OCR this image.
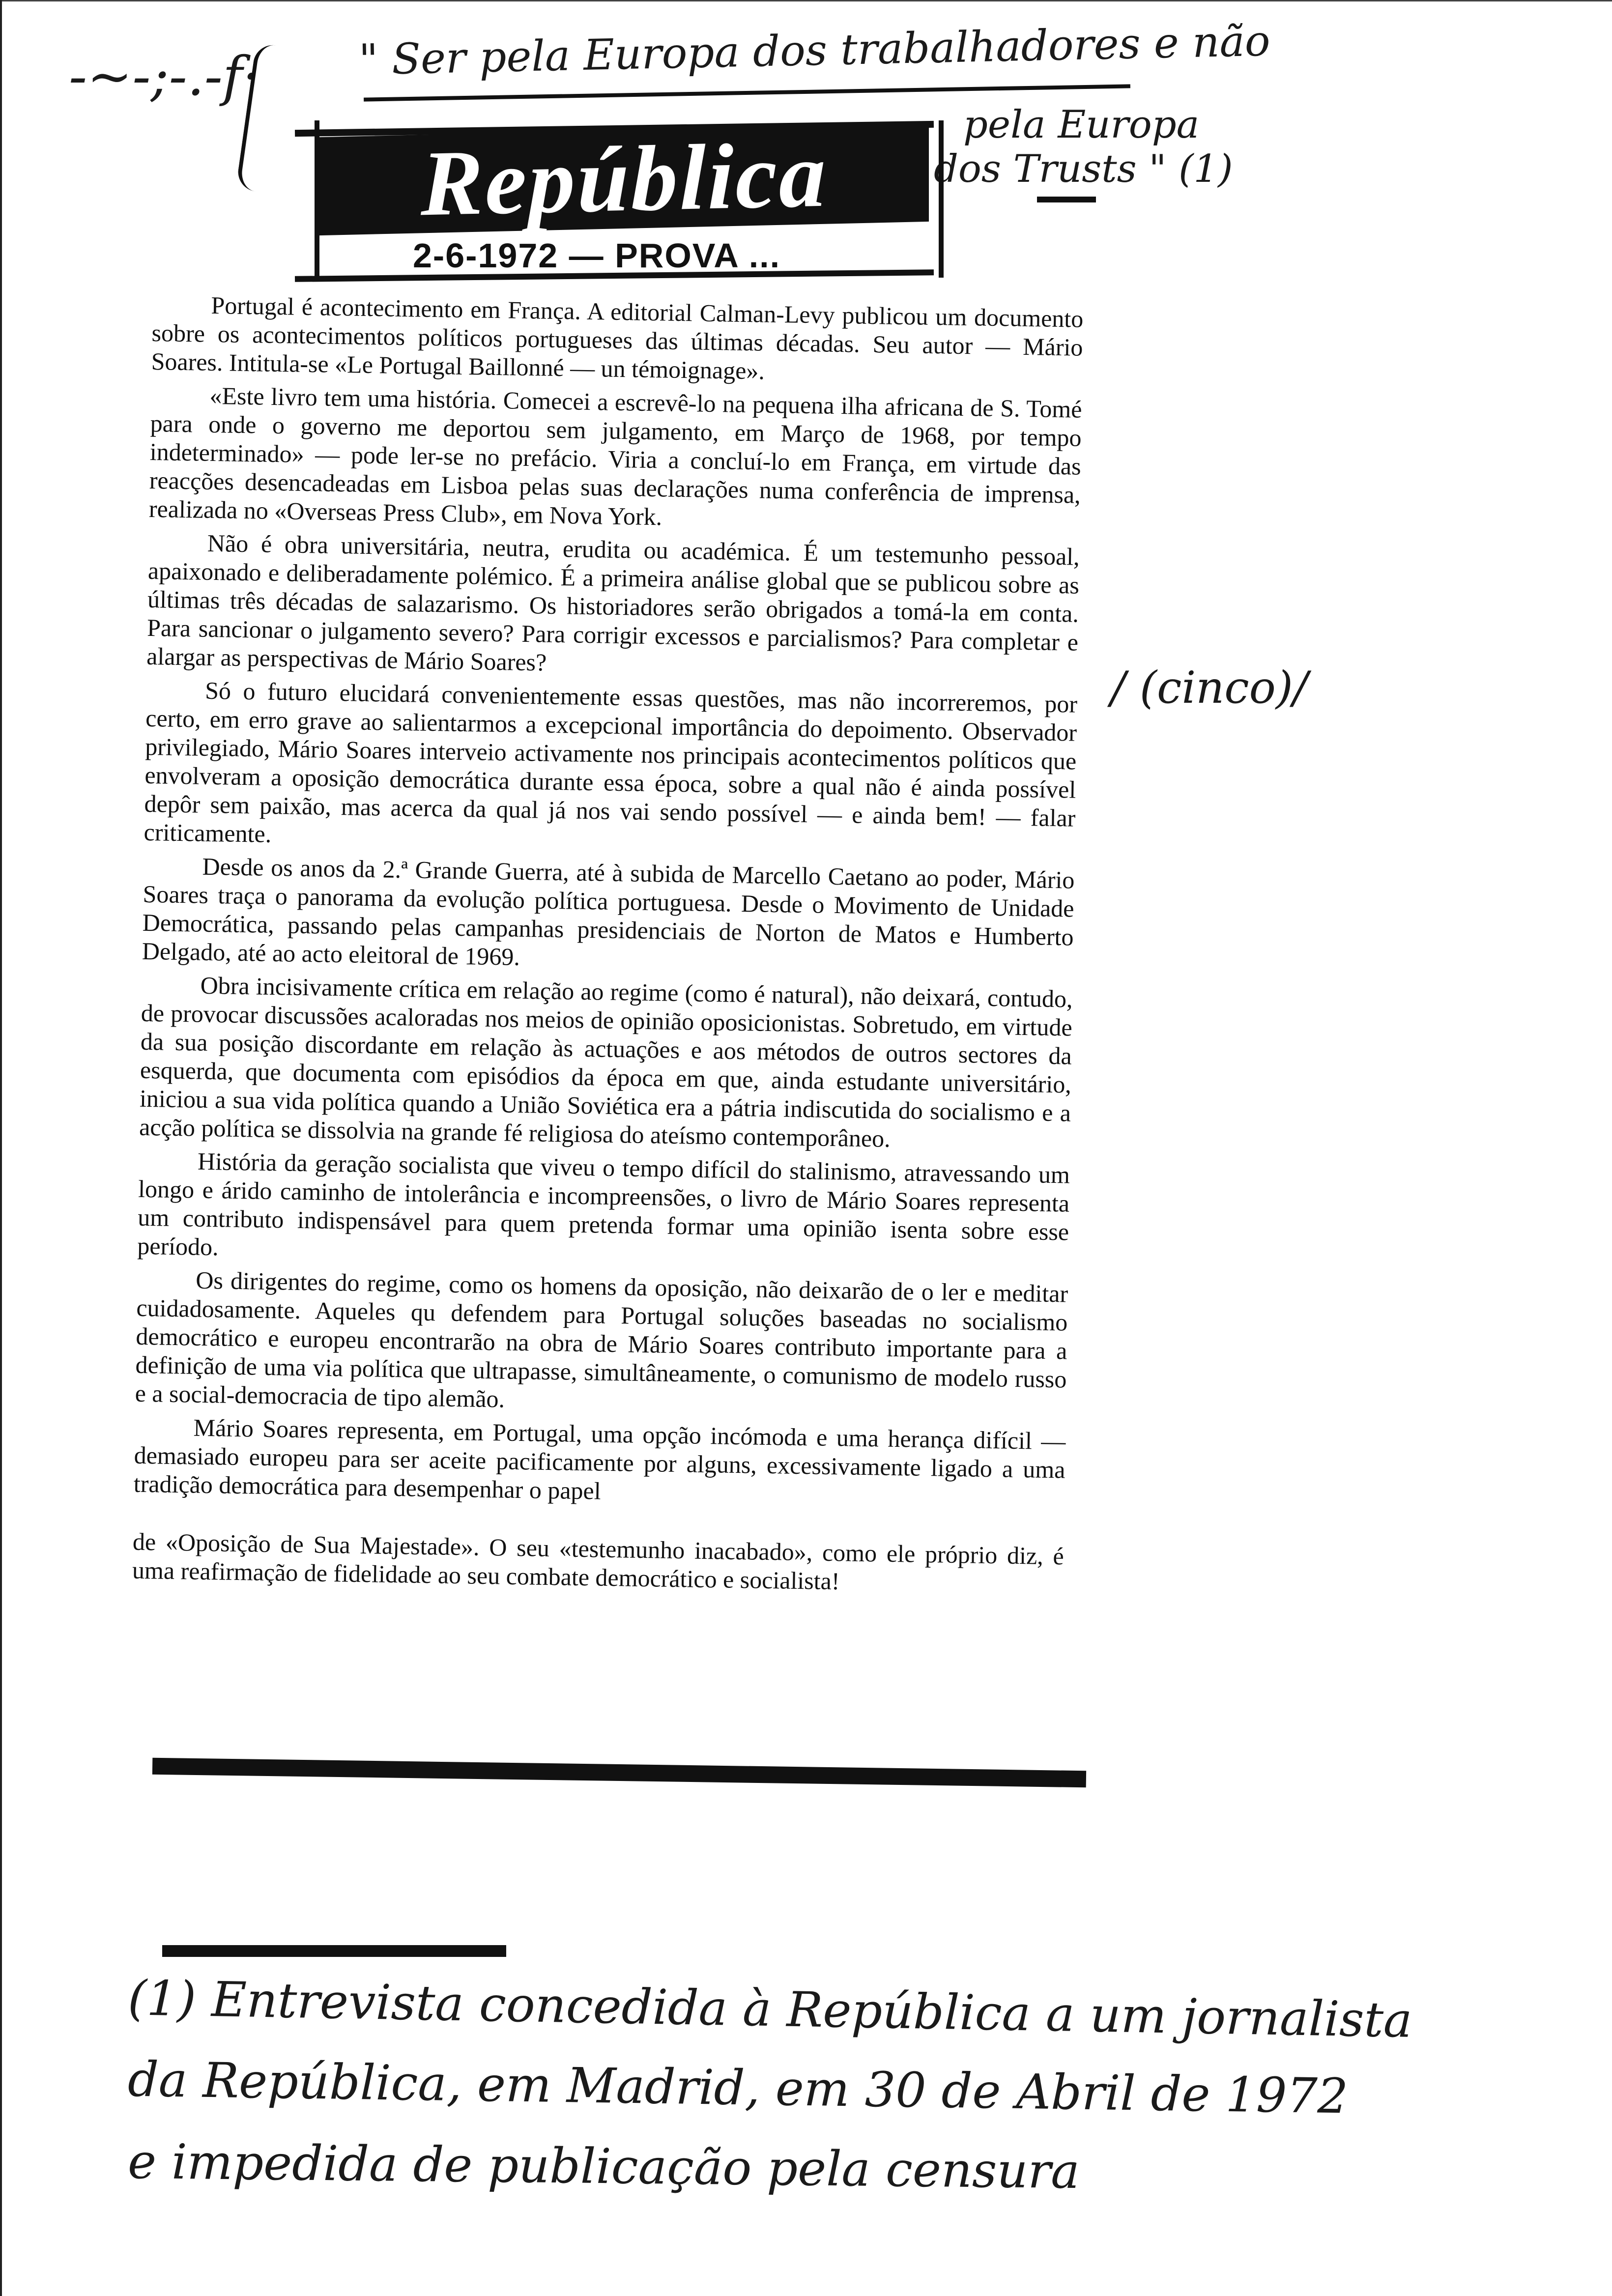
-~-;-.-f· " Ser pela Europa dos trabalhadores e não
pela Europa
dos Trusts " (1)
República
2-6-1972 — PROVA ...

Portugal é acontecimento em França. A editorial Calman-Levy publicou um documento sobre os acontecimentos políticos portugueses das últimas décadas. Seu autor — Mário Soares. Intitula-se «Le Portugal Baillonné — un témoignage».

«Este livro tem uma história. Comecei a escrevê-lo na pequena ilha africana de S. Tomé para onde o governo me deportou sem julgamento, em Março de 1968, por tempo indeterminado» — pode ler-se no prefácio. Viria a concluí-lo em França, em virtude das reacções desencadeadas em Lisboa pelas suas declarações numa conferência de imprensa, realizada no «Overseas Press Club», em Nova York.

Não é obra universitária, neutra, erudita ou académica. É um testemunho pessoal, apaixonado e deliberadamente polémico. É a primeira análise global que se publicou sobre as últimas três décadas de salazarismo. Os historiadores serão obrigados a tomá-la em conta. Para sancionar o julgamento severo? Para corrigir excessos e parcialismos? Para completar e alargar as perspectivas de Mário Soares?

Só o futuro elucidará convenientemente essas questões, mas não incorreremos, por certo, em erro grave ao salientarmos a excepcional importância do depoimento. Observador privilegiado, Mário Soares interveio activamente nos principais acontecimentos políticos que envolveram a oposição democrática durante essa época, sobre a qual não é ainda possível depôr sem paixão, mas acerca da qual já nos vai sendo possível — e ainda bem! — falar criticamente.

Desde os anos da 2.ª Grande Guerra, até à subida de Marcello Caetano ao poder, Mário Soares traça o panorama da evolução política portuguesa. Desde o Movimento de Unidade Democrática, passando pelas campanhas presidenciais de Norton de Matos e Humberto Delgado, até ao acto eleitoral de 1969.

Obra incisivamente crítica em relação ao regime (como é natural), não deixará, contudo, de provocar discussões acaloradas nos meios de opinião oposicionistas. Sobretudo, em virtude da sua posição discordante em relação às actuações e aos métodos de outros sectores da esquerda, que documenta com episódios da época em que, ainda estudante universitário, iniciou a sua vida política quando a União Soviética era a pátria indiscutida do socialismo e a acção política se dissolvia na grande fé religiosa do ateísmo contemporâneo.

História da geração socialista que viveu o tempo difícil do stalinismo, atravessando um longo e árido caminho de intolerância e incompreensões, o livro de Mário Soares representa um contributo indispensável para quem pretenda formar uma opinião isenta sobre esse período.

Os dirigentes do regime, como os homens da oposição, não deixarão de o ler e meditar cuidadosamente. Aqueles qu defendem para Portugal soluções baseadas no socialismo democrático e europeu encontrarão na obra de Mário Soares contributo importante para a definição de uma via política que ultrapasse, simultâneamente, o comunismo de modelo russo e a social-democracia de tipo alemão.

Mário Soares representa, em Portugal, uma opção incómoda e uma herança difícil — demasiado europeu para ser aceite pacificamente por alguns, excessivamente ligado a uma tradição democrática para desempenhar o papel

de «Oposição de Sua Majestade». O seu «testemunho inacabado», como ele próprio diz, é uma reafirmação de fidelidade ao seu combate democrático e socialista!

/ (cinco)/
(1) Entrevista concedida à República a um jornalista
da República, em Madrid, em 30 de Abril de 1972
e impedida de publicação pela censura
